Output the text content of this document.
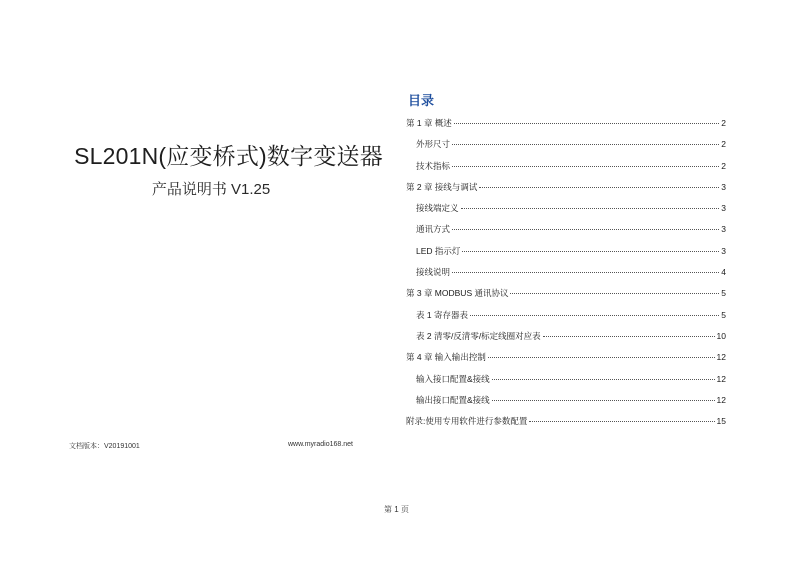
SL201N(应变桥式)数字变送器
产品说明书 V1.25
文档版本：V20191001	www.myradio168.net
目录
第 1 章 概述	2
外形尺寸	2
技术指标	2
第 2 章 接线与调试	3
接线端定义	3
通讯方式	3
LED 指示灯	3
接线说明	4
第 3 章 MODBUS 通讯协议	5
表 1 寄存器表	5
表 2 清零/反清零/标定线圈对应表	10
第 4 章 输入输出控制	12
输入接口配置&接线	12
输出接口配置&接线	12
附录:使用专用软件进行参数配置	15
第 1 页
